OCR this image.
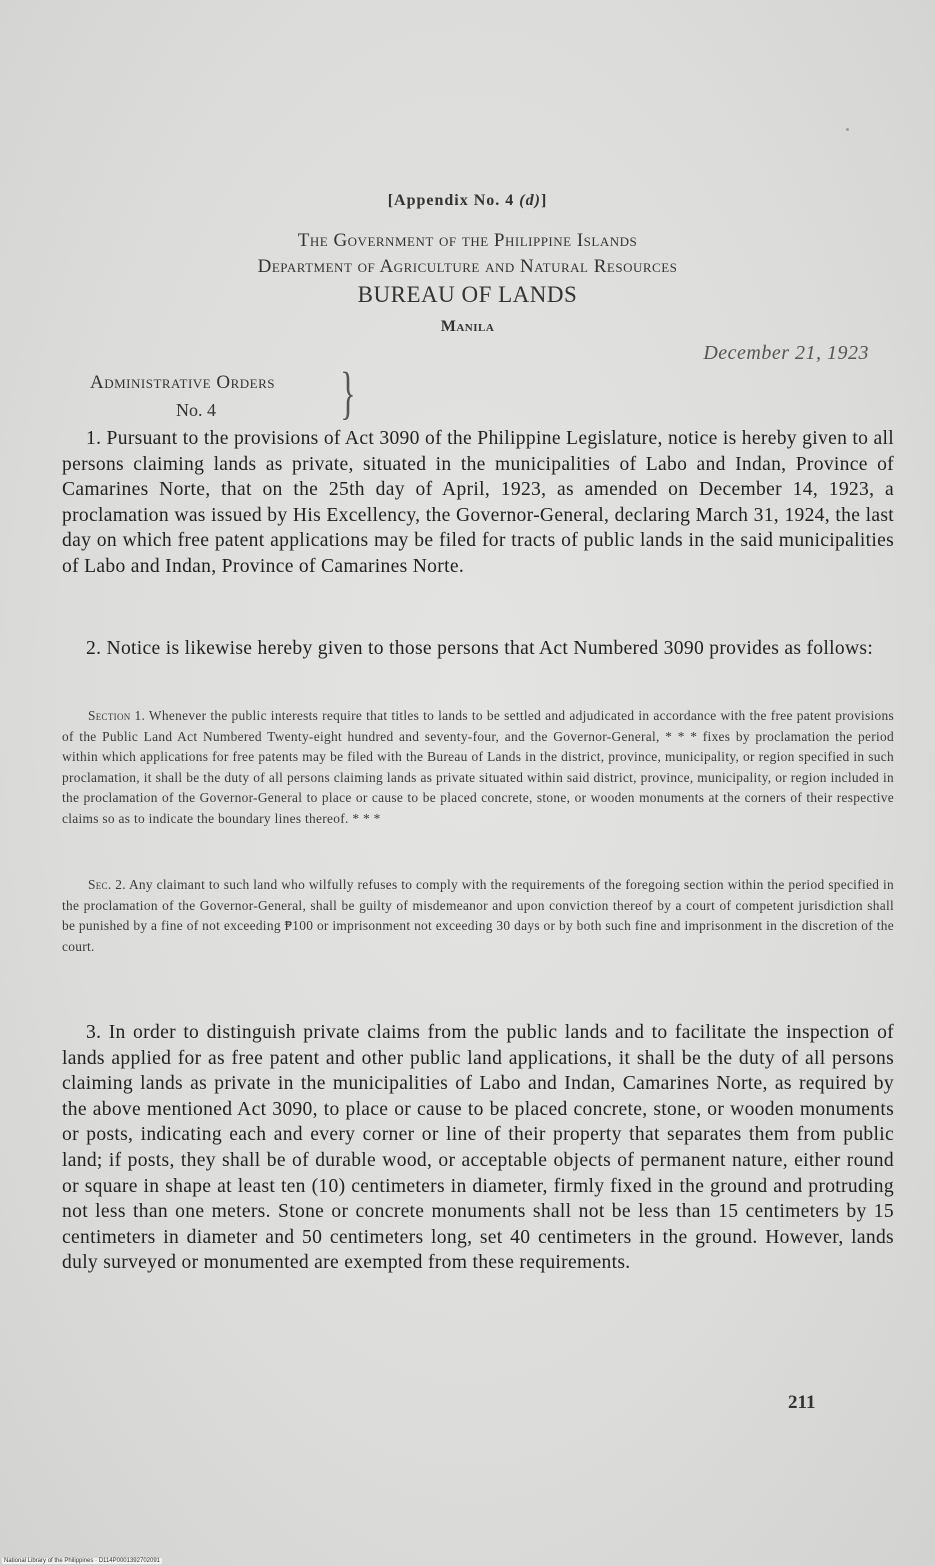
[Appendix No. 4 (d)]
The Government of the Philippine Islands
Department of Agriculture and Natural Resources
BUREAU OF LANDS
Manila
December 21, 1923
Administrative Orders
No. 4 }
1. Pursuant to the provisions of Act 3090 of the Philippine Legislature, notice is hereby given to all persons claiming lands as private, situated in the municipalities of Labo and Indan, Province of Camarines Norte, that on the 25th day of April, 1923, as amended on December 14, 1923, a proclamation was issued by His Excellency, the Governor-General, declaring March 31, 1924, the last day on which free patent applications may be filed for tracts of public lands in the said municipalities of Labo and Indan, Province of Camarines Norte.
2. Notice is likewise hereby given to those persons that Act Numbered 3090 provides as follows:
Section 1. Whenever the public interests require that titles to lands to be settled and adjudicated in accordance with the free patent provisions of the Public Land Act Numbered Twenty-eight hundred and seventy-four, and the Governor-General, * * * fixes by proclamation the period within which applications for free patents may be filed with the Bureau of Lands in the district, province, municipality, or region specified in such proclamation, it shall be the duty of all persons claiming lands as private situated within said district, province, municipality, or region included in the proclamation of the Governor-General to place or cause to be placed concrete, stone, or wooden monuments at the corners of their respective claims so as to indicate the boundary lines thereof. * * *
Sec. 2. Any claimant to such land who wilfully refuses to comply with the requirements of the foregoing section within the period specified in the proclamation of the Governor-General, shall be guilty of misdemeanor and upon conviction thereof by a court of competent jurisdiction shall be punished by a fine of not exceeding ₱100 or imprisonment not exceeding 30 days or by both such fine and imprisonment in the discretion of the court.
3. In order to distinguish private claims from the public lands and to facilitate the inspection of lands applied for as free patent and other public land applications, it shall be the duty of all persons claiming lands as private in the municipalities of Labo and Indan, Camarines Norte, as required by the above mentioned Act 3090, to place or cause to be placed concrete, stone, or wooden monuments or posts, indicating each and every corner or line of their property that separates them from public land; if posts, they shall be of durable wood, or acceptable objects of permanent nature, either round or square in shape at least ten (10) centimeters in diameter, firmly fixed in the ground and protruding not less than one meters. Stone or concrete monuments shall not be less than 15 centimeters by 15 centimeters in diameter and 50 centimeters long, set 40 centimeters in the ground. However, lands duly surveyed or monumented are exempted from these requirements.
211
National Library of the Philippines · D114P0001392702091
